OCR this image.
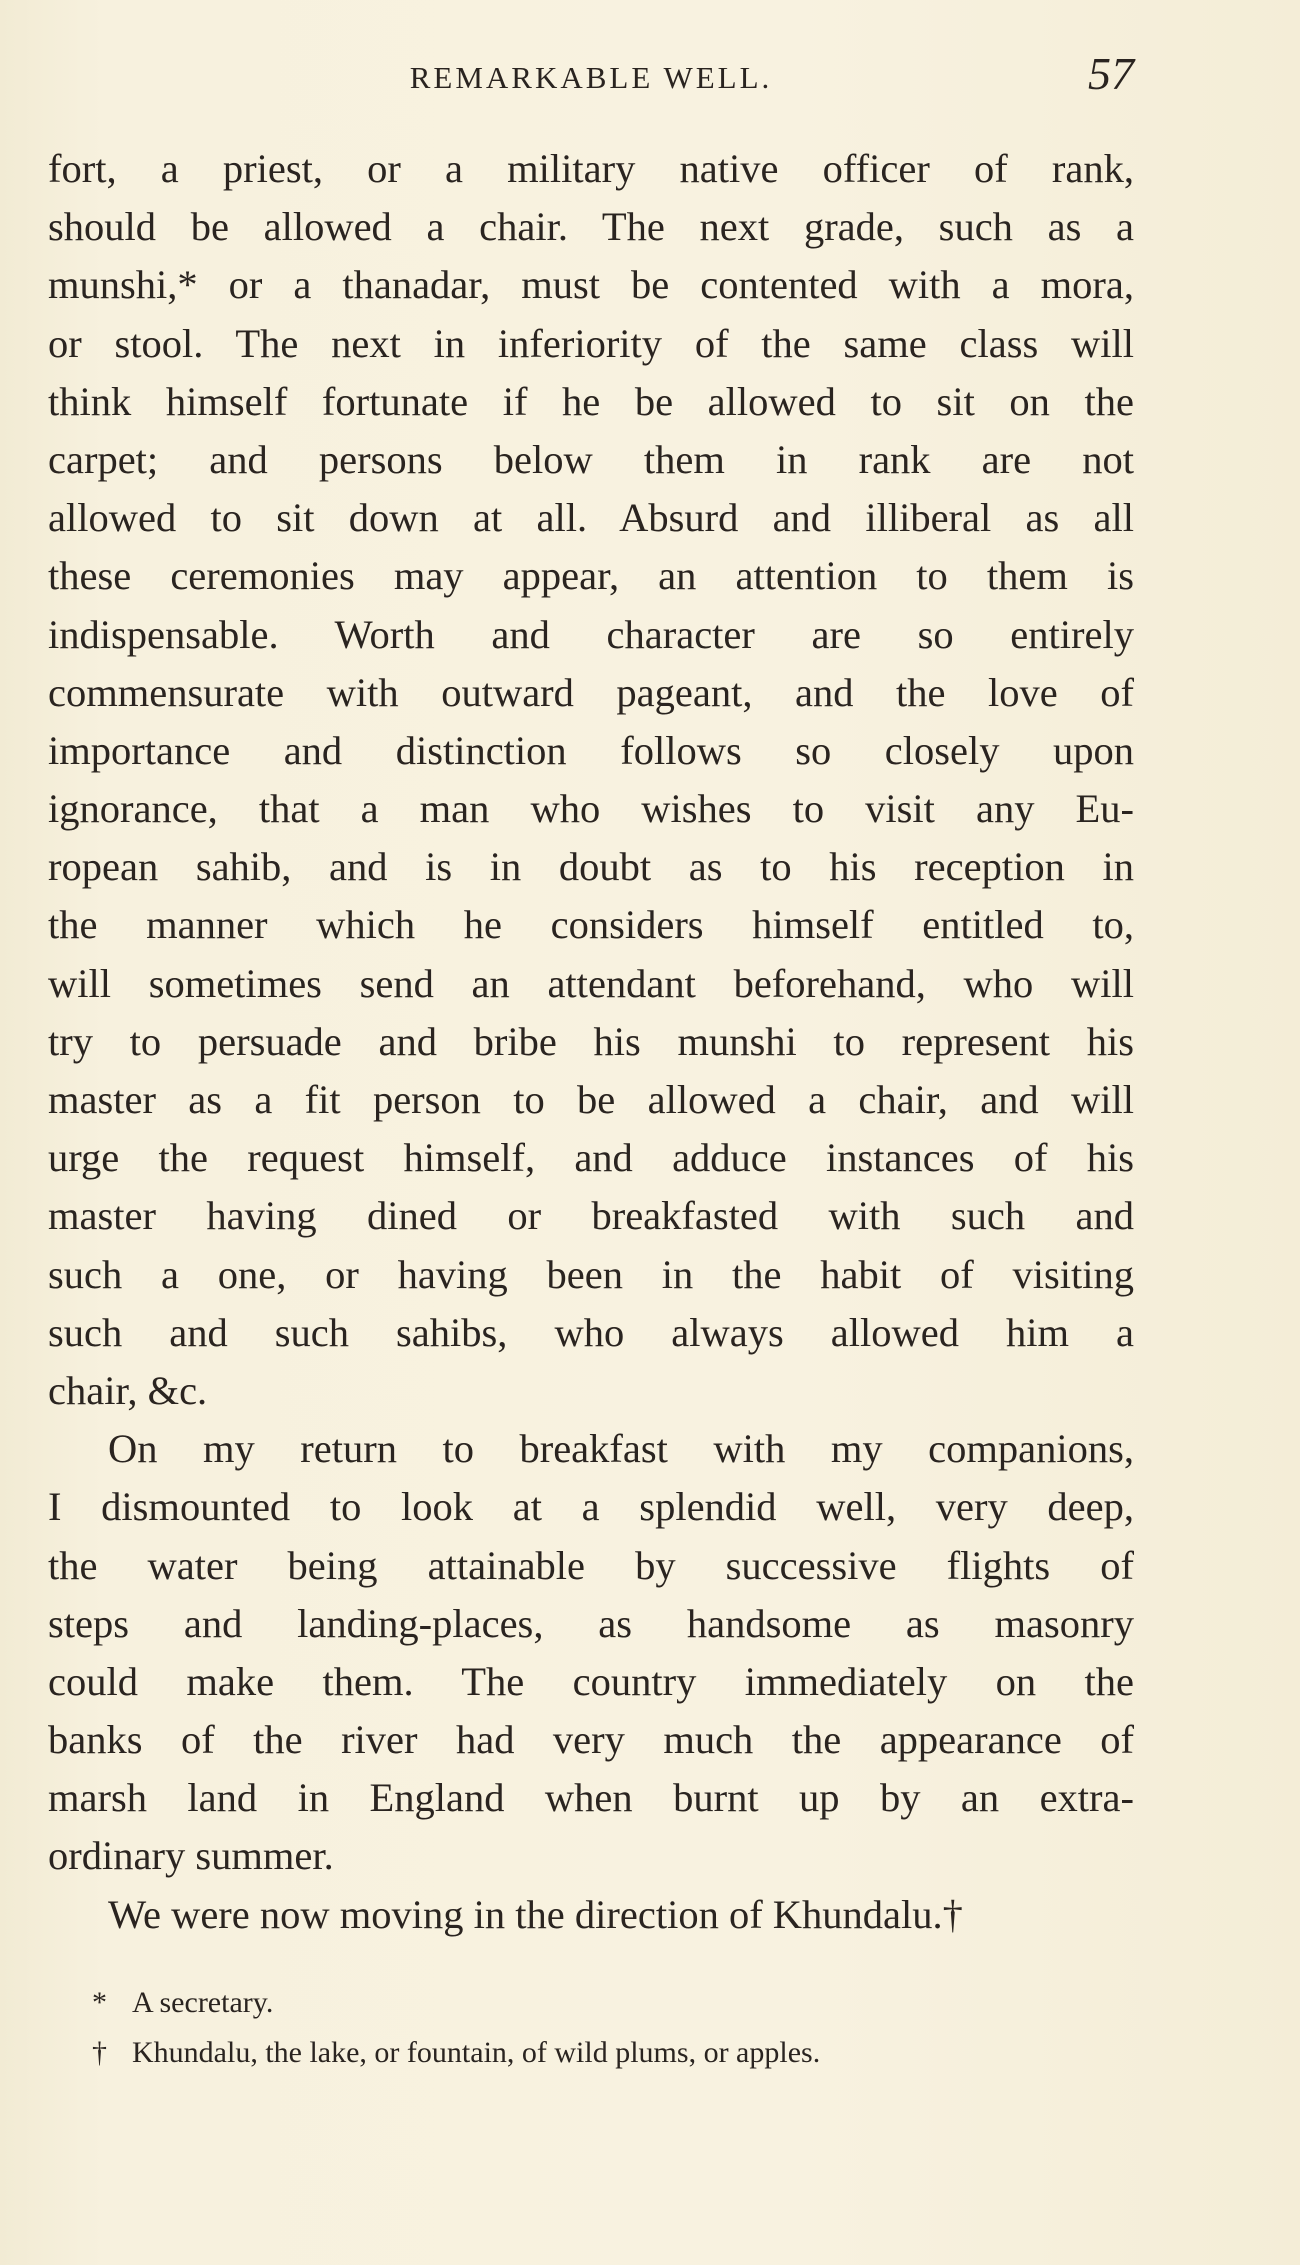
REMARKABLE WELL.	57
fort, a priest, or a military native officer of rank,
should be allowed a chair. The next grade, such as a
munshi,* or a thanadar, must be contented with a mora,
or stool. The next in inferiority of the same class will
think himself fortunate if he be allowed to sit on the
carpet; and persons below them in rank are not
allowed to sit down at all. Absurd and illiberal as all
these ceremonies may appear, an attention to them is
indispensable. Worth and character are so entirely
commensurate with outward pageant, and the love of
importance and distinction follows so closely upon
ignorance, that a man who wishes to visit any Eu-
ropean sahib, and is in doubt as to his reception in
the manner which he considers himself entitled to,
will sometimes send an attendant beforehand, who will
try to persuade and bribe his munshi to represent his
master as a fit person to be allowed a chair, and will
urge the request himself, and adduce instances of his
master having dined or breakfasted with such and
such a one, or having been in the habit of visiting
such and such sahibs, who always allowed him a
chair, &c.
On my return to breakfast with my companions,
I dismounted to look at a splendid well, very deep,
the water being attainable by successive flights of
steps and landing-places, as handsome as masonry
could make them. The country immediately on the
banks of the river had very much the appearance of
marsh land in England when burnt up by an extra-
ordinary summer.
We were now moving in the direction of Khundalu.†
* A secretary.
† Khundalu, the lake, or fountain, of wild plums, or apples.
